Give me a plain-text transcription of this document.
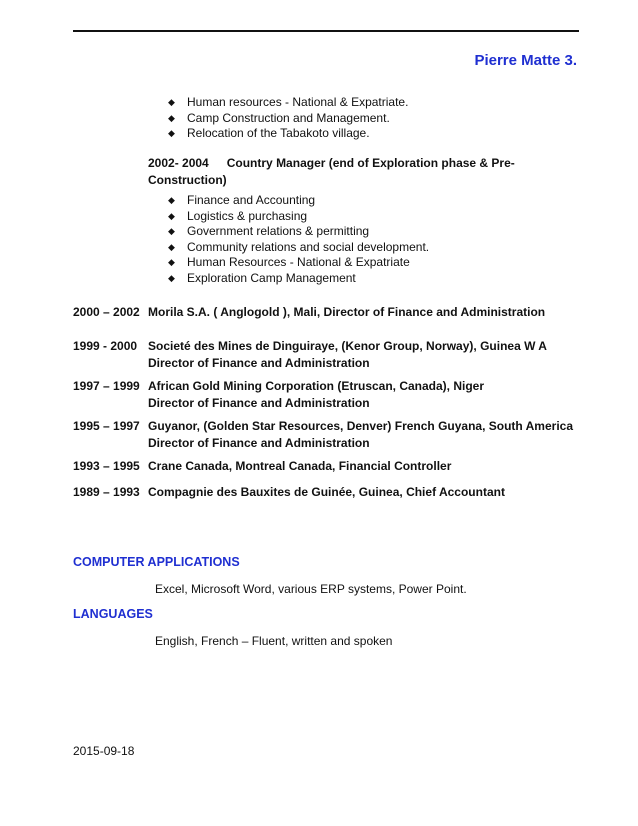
Pierre Matte 3.
◆ Human resources - National & Expatriate.
◆ Camp Construction and Management.
◆ Relocation of the Tabakoto village.
2002- 2004 Country Manager (end of Exploration phase & Pre-Construction)
◆ Finance and Accounting
◆ Logistics & purchasing
◆ Government relations & permitting
◆ Community relations and social development.
◆ Human Resources - National & Expatriate
◆ Exploration Camp Management
2000 – 2002 Morila S.A. ( Anglogold ), Mali, Director of Finance and Administration
1999 - 2000 Societé des Mines de Dinguiraye, (Kenor Group, Norway), Guinea W A
Director of Finance and Administration
1997 – 1999 African Gold Mining Corporation (Etruscan, Canada), Niger
Director of Finance and Administration
1995 – 1997 Guyanor, (Golden Star Resources, Denver) French Guyana, South America
Director of Finance and Administration
1993 – 1995 Crane Canada, Montreal Canada, Financial Controller
1989 – 1993 Compagnie des Bauxites de Guinée, Guinea, Chief Accountant
COMPUTER APPLICATIONS
Excel, Microsoft Word, various ERP systems, Power Point.
LANGUAGES
English, French – Fluent, written and spoken
2015-09-18
